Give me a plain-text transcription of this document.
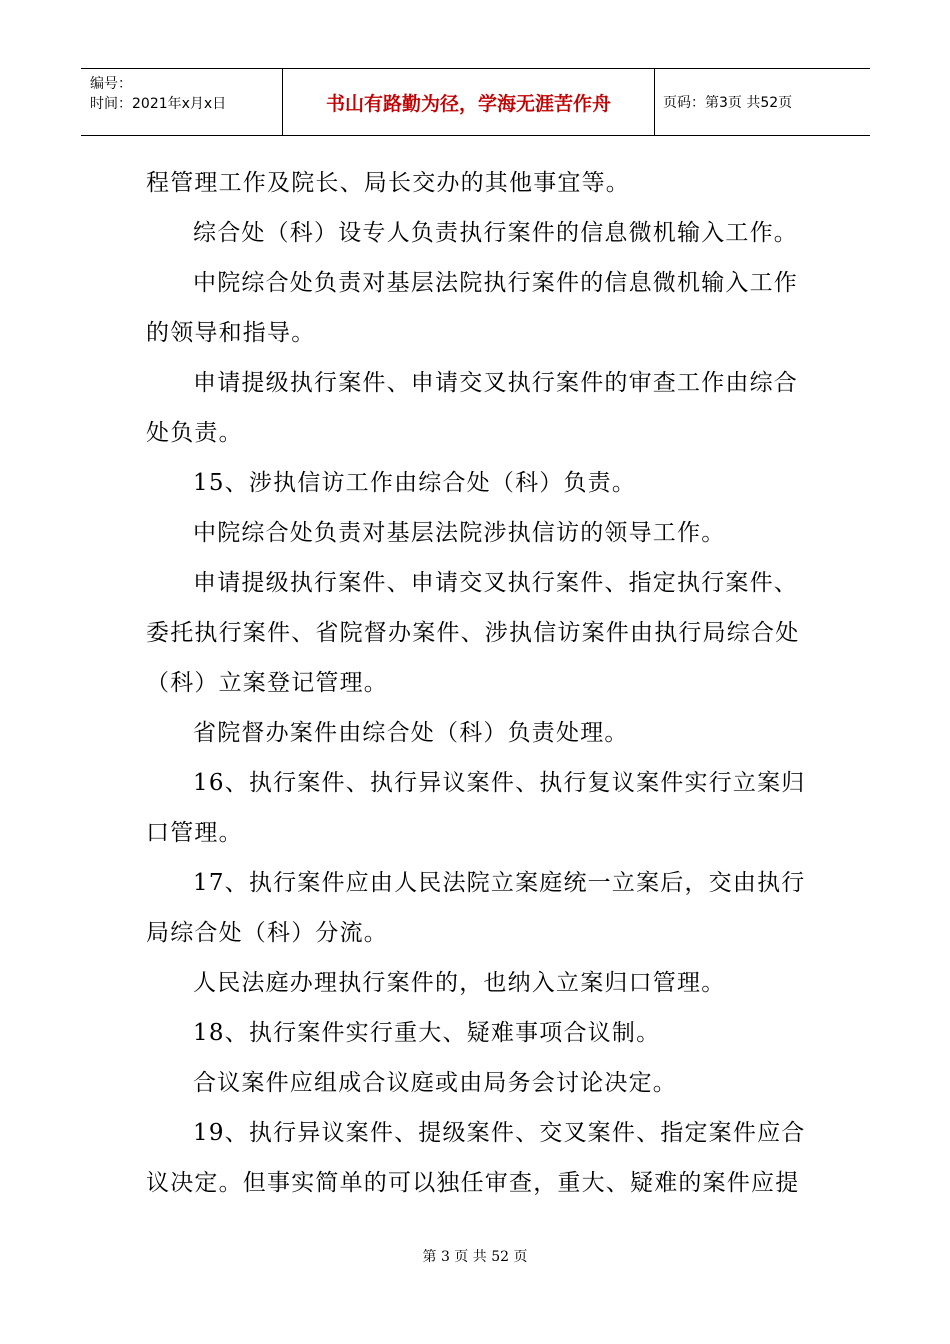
编号：
时间：2021年x月x日	书山有路勤为径，学海无涯苦作舟	页码：第3页 共52页

程管理工作及院长、局长交办的其他事宜等。

综合处（科）设专人负责执行案件的信息微机输入工作。

中院综合处负责对基层法院执行案件的信息微机输入工作的领导和指导。

申请提级执行案件、申请交叉执行案件的审查工作由综合处负责。

15、涉执信访工作由综合处（科）负责。

中院综合处负责对基层法院涉执信访的领导工作。

申请提级执行案件、申请交叉执行案件、指定执行案件、委托执行案件、省院督办案件、涉执信访案件由执行局综合处（科）立案登记管理。

省院督办案件由综合处（科）负责处理。

16、执行案件、执行异议案件、执行复议案件实行立案归口管理。

17、执行案件应由人民法院立案庭统一立案后，交由执行局综合处（科）分流。

人民法庭办理执行案件的，也纳入立案归口管理。

18、执行案件实行重大、疑难事项合议制。

合议案件应组成合议庭或由局务会讨论决定。

19、执行异议案件、提级案件、交叉案件、指定案件应合议决定。但事实简单的可以独任审查，重大、疑难的案件应提

第 3 页 共 52 页
